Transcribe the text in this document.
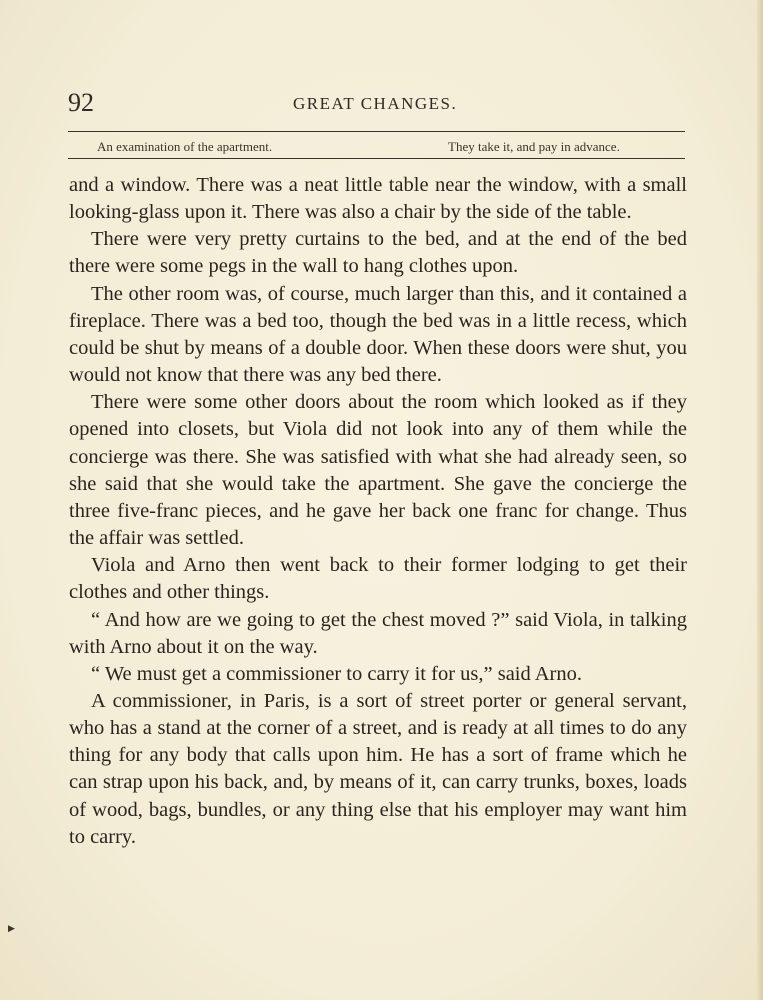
92	GREAT CHANGES.
An examination of the apartment.	They take it, and pay in advance.

and a window. There was a neat little table near the window, with a small looking-glass upon it. There was also a chair by the side of the table.

There were very pretty curtains to the bed, and at the end of the bed there were some pegs in the wall to hang clothes upon.

The other room was, of course, much larger than this, and it contained a fireplace. There was a bed too, though the bed was in a little recess, which could be shut by means of a double door. When these doors were shut, you would not know that there was any bed there.

There were some other doors about the room which looked as if they opened into closets, but Viola did not look into any of them while the concierge was there. She was satisfied with what she had already seen, so she said that she would take the apartment. She gave the concierge the three five-franc pieces, and he gave her back one franc for change. Thus the affair was settled.

Viola and Arno then went back to their former lodging to get their clothes and other things.

“ And how are we going to get the chest moved ?” said Viola, in talking with Arno about it on the way.

“ We must get a commissioner to carry it for us,” said Arno.

A commissioner, in Paris, is a sort of street porter or general servant, who has a stand at the corner of a street, and is ready at all times to do any thing for any body that calls upon him. He has a sort of frame which he can strap upon his back, and, by means of it, can carry trunks, boxes, loads of wood, bags, bundles, or any thing else that his employer may want him to carry.

▶
